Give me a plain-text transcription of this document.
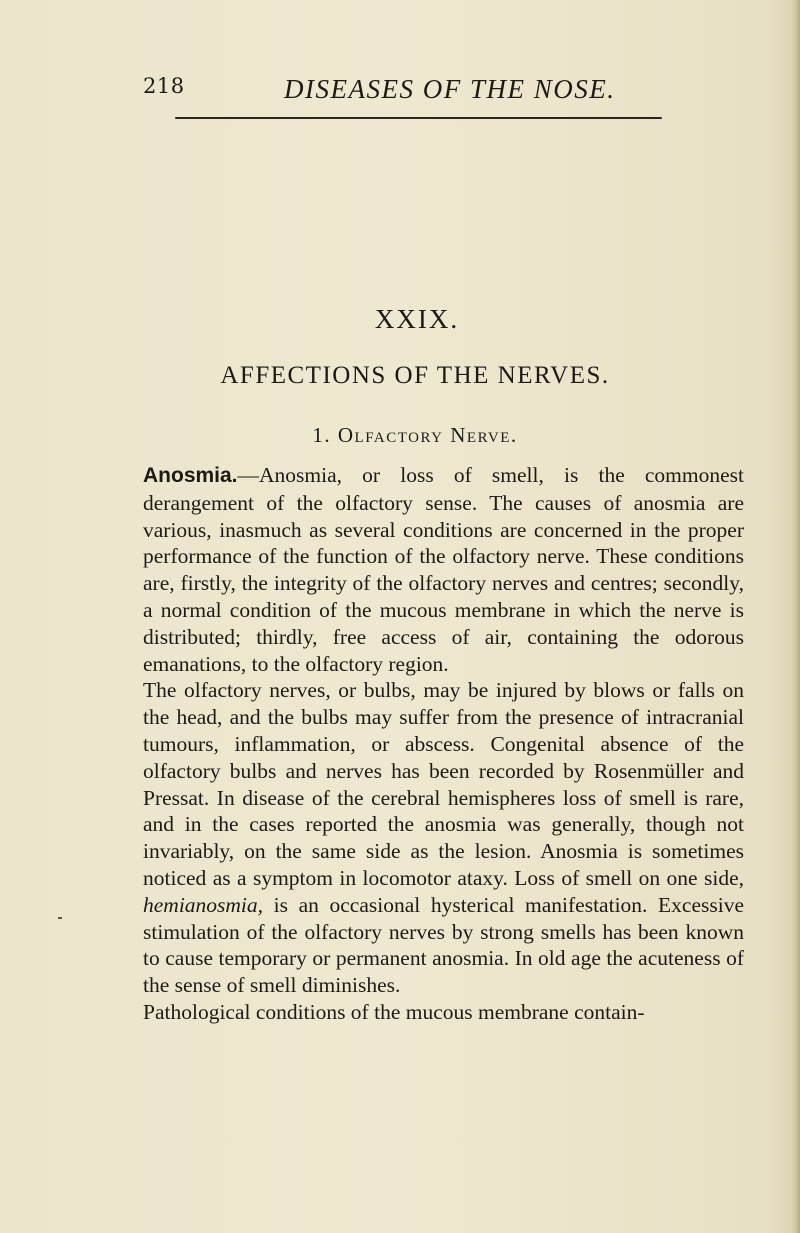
218	DISEASES OF THE NOSE.
XXIX.
AFFECTIONS OF THE NERVES.
1. Olfactory Nerve.

Anosmia.—Anosmia, or loss of smell, is the commonest derangement of the olfactory sense. The causes of anosmia are various, inasmuch as several conditions are concerned in the proper performance of the function of the olfactory nerve. These conditions are, firstly, the integrity of the olfactory nerves and centres; secondly, a normal condition of the mucous membrane in which the nerve is distributed; thirdly, free access of air, containing the odorous emanations, to the olfactory region.

The olfactory nerves, or bulbs, may be injured by blows or falls on the head, and the bulbs may suffer from the presence of intracranial tumours, inflammation, or abscess. Congenital absence of the olfactory bulbs and nerves has been recorded by Rosenmüller and Pressat. In disease of the cerebral hemispheres loss of smell is rare, and in the cases reported the anosmia was generally, though not invariably, on the same side as the lesion. Anosmia is sometimes noticed as a symptom in locomotor ataxy. Loss of smell on one side, hemianosmia, is an occasional hysterical manifestation. Excessive stimulation of the olfactory nerves by strong smells has been known to cause temporary or permanent anosmia. In old age the acuteness of the sense of smell diminishes.

Pathological conditions of the mucous membrane contain-
